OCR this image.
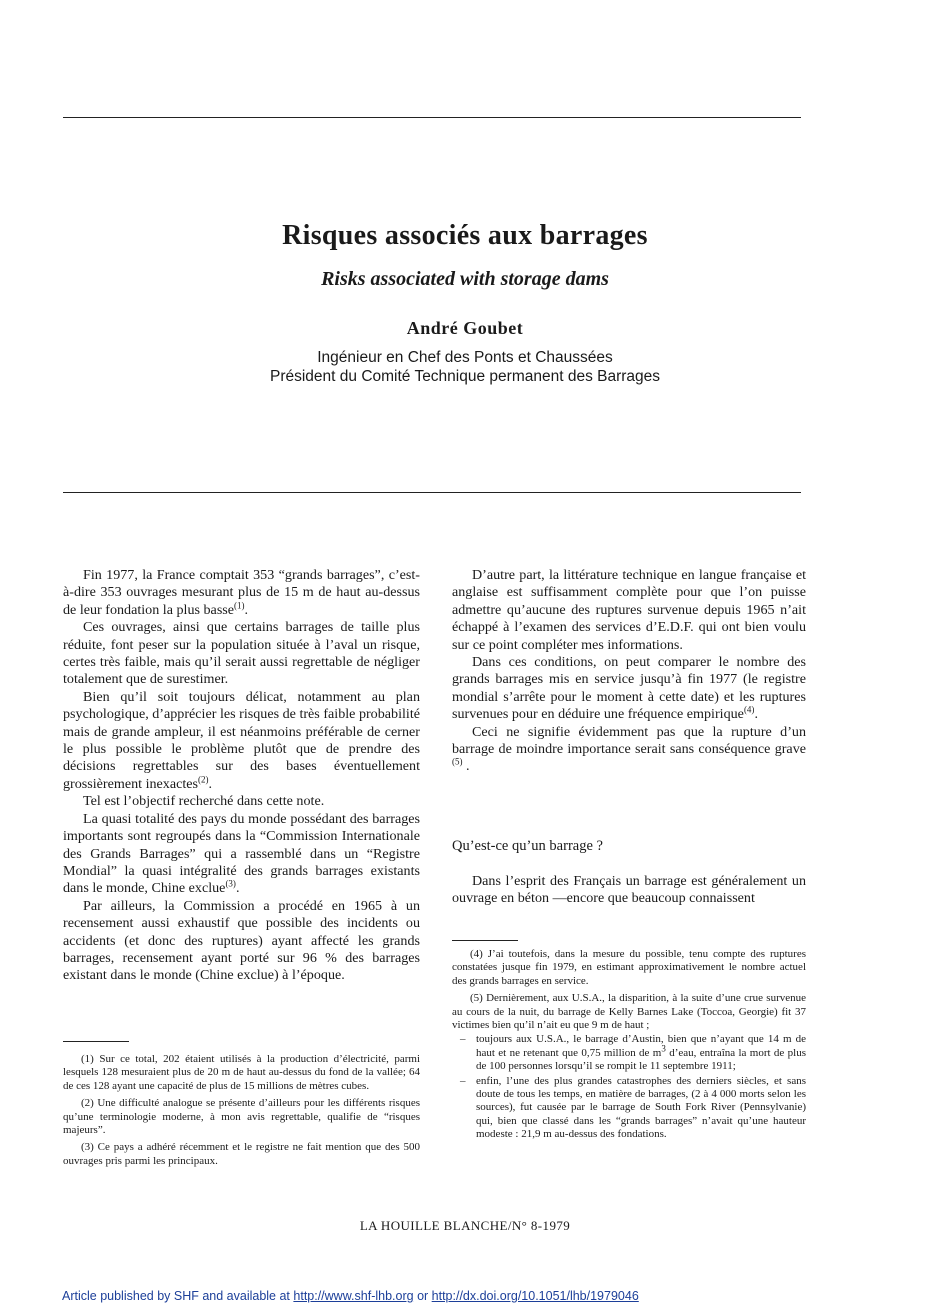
Risques associés aux barrages
Risks associated with storage dams
André Goubet
Ingénieur en Chef des Ponts et Chaussées
Président du Comité Technique permanent des Barrages

Fin 1977, la France comptait 353 “grands barrages”, c’est-à-dire 353 ouvrages mesurant plus de 15 m de haut au-dessus de leur fondation la plus basse$^{(1)}$.

Ces ouvrages, ainsi que certains barrages de taille plus réduite, font peser sur la population située à l’aval un risque, certes très faible, mais qu’il serait aussi regrettable de négliger totalement que de surestimer.

Bien qu’il soit toujours délicat, notamment au plan psychologique, d’apprécier les risques de très faible probabilité mais de grande ampleur, il est néanmoins préférable de cerner le plus possible le problème plutôt que de prendre des décisions regrettables sur des bases éventuellement grossièrement inexactes$^{(2)}$.

Tel est l’objectif recherché dans cette note.

La quasi totalité des pays du monde possédant des barrages importants sont regroupés dans la “Commission Internationale des Grands Barrages” qui a rassemblé dans un “Registre Mondial” la quasi intégralité des grands barrages existants dans le monde, Chine exclue$^{(3)}$.

Par ailleurs, la Commission a procédé en 1965 à un recensement aussi exhaustif que possible des incidents ou accidents (et donc des ruptures) ayant affecté les grands barrages, recensement ayant porté sur 96 % des barrages existant dans le monde (Chine exclue) à l’époque.

D’autre part, la littérature technique en langue française et anglaise est suffisamment complète pour que l’on puisse admettre qu’aucune des ruptures survenue depuis 1965 n’ait échappé à l’examen des services d’E.D.F. qui ont bien voulu sur ce point compléter mes informations.

Dans ces conditions, on peut comparer le nombre des grands barrages mis en service jusqu’à fin 1977 (le registre mondial s’arrête pour le moment à cette date) et les ruptures survenues pour en déduire une fréquence empirique$^{(4)}$.

Ceci ne signifie évidemment pas que la rupture d’un barrage de moindre importance serait sans conséquence grave $^{(5)}$ .

Qu’est-ce qu’un barrage ?

Dans l’esprit des Français un barrage est généralement un ouvrage en béton —encore que beaucoup connaissent

(1) Sur ce total, 202 étaient utilisés à la production d’électricité, parmi lesquels 128 mesuraient plus de 20 m de haut au-dessus du fond de la vallée; 64 de ces 128 ayant une capacité de plus de 15 millions de mètres cubes.

(2) Une difficulté analogue se présente d’ailleurs pour les différents risques qu’une terminologie moderne, à mon avis regrettable, qualifie de “risques majeurs”.

(3) Ce pays a adhéré récemment et le registre ne fait mention que des 500 ouvrages pris parmi les principaux.

(4) J’ai toutefois, dans la mesure du possible, tenu compte des ruptures constatées jusque fin 1979, en estimant approximativement le nombre actuel des grands barrages en service.

(5) Dernièrement, aux U.S.A., la disparition, à la suite d’une crue survenue au cours de la nuit, du barrage de Kelly Barnes Lake (Toccoa, Georgie) fit 37 victimes bien qu’il n’ait eu que 9 m de haut ;

– toujours aux U.S.A., le barrage d’Austin, bien que n’ayant que 14 m de haut et ne retenant que 0,75 million de $m^3$ d’eau, entraîna la mort de plus de 100 personnes lorsqu’il se rompit le 11 septembre 1911;
– enfin, l’une des plus grandes catastrophes des derniers siècles, et sans doute de tous les temps, en matière de barrages, (2 à 4 000 morts selon les sources), fut causée par le barrage de South Fork River (Pennsylvanie) qui, bien que classé dans les “grands barrages” n’avait qu’une hauteur modeste : 21,9 m au-dessus des fondations.
LA HOUILLE BLANCHE/N° 8-1979
Article published by SHF and available at http://www.shf-lhb.org or http://dx.doi.org/10.1051/lhb/1979046
